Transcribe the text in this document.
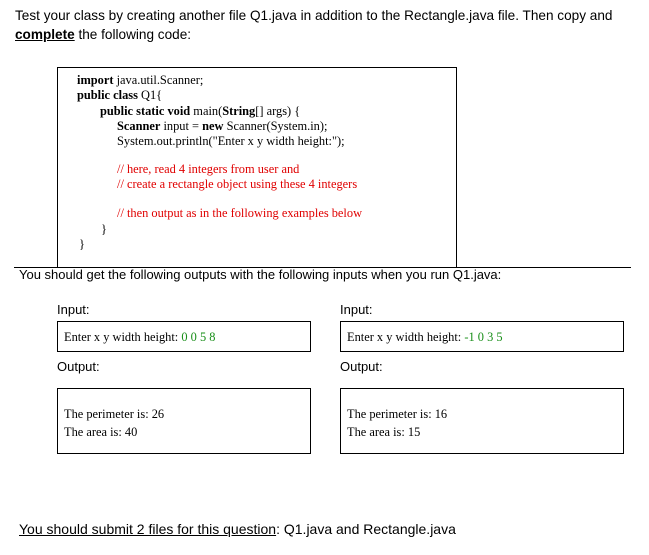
Test your class by creating another file Q1.java in addition to the Rectangle.java file. Then copy and
complete the following code:
import java.util.Scanner;
public class Q1{
public static void main(String[] args) {
Scanner input = new Scanner(System.in);
System.out.println("Enter x y width height:");
// here, read 4 integers from user and
// create a rectangle object using these 4 integers
// then output as in the following examples below
}
}
You should get the following outputs with the following inputs when you run Q1.java:
Input:
Enter x y width height: 0 0 5 8
Output:
The perimeter is: 26
The area is: 40
Input:
Enter x y width height: -1 0 3 5
Output:
The perimeter is: 16
The area is: 15
You should submit 2 files for this question: Q1.java and Rectangle.java
